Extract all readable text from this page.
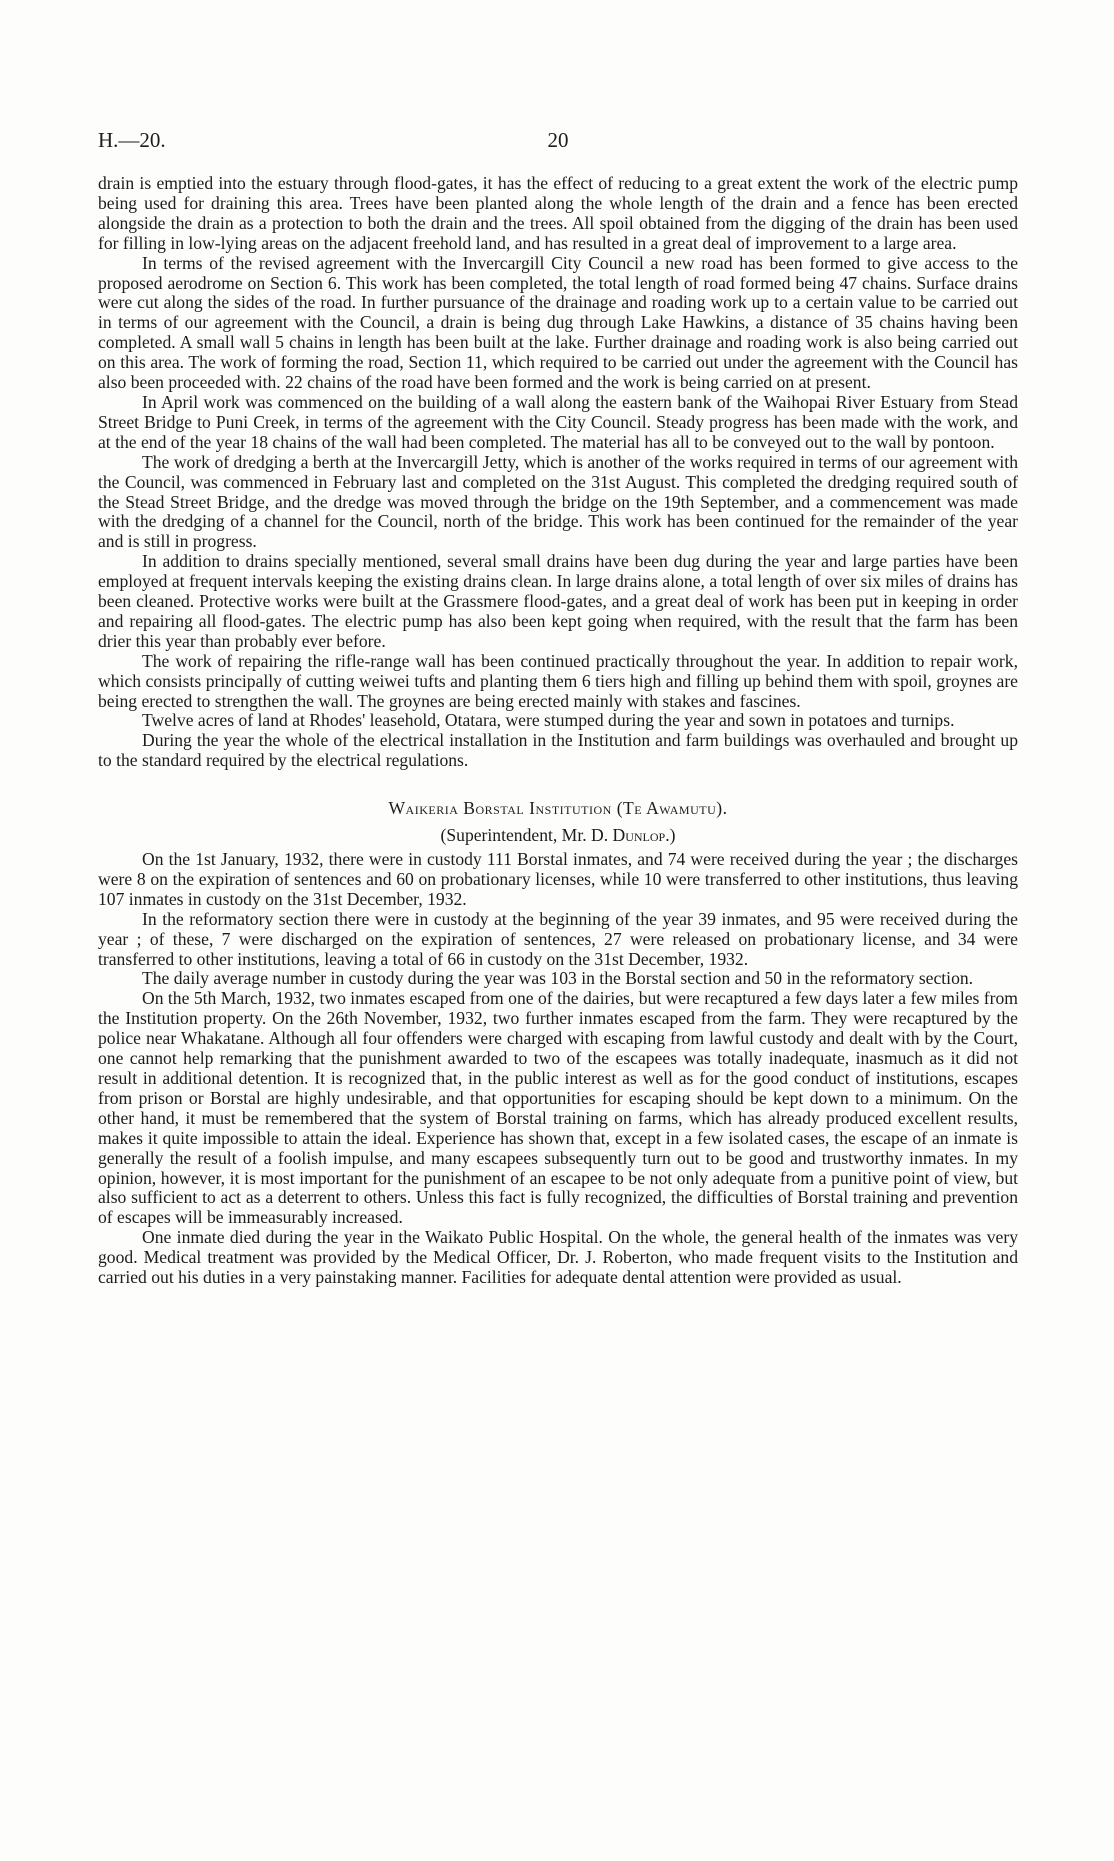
H.—20.	20

drain is emptied into the estuary through flood-gates, it has the effect of reducing to a great extent the work of the electric pump being used for draining this area. Trees have been planted along the whole length of the drain and a fence has been erected alongside the drain as a protection to both the drain and the trees. All spoil obtained from the digging of the drain has been used for filling in low-lying areas on the adjacent freehold land, and has resulted in a great deal of improvement to a large area.

In terms of the revised agreement with the Invercargill City Council a new road has been formed to give access to the proposed aerodrome on Section 6. This work has been completed, the total length of road formed being 47 chains. Surface drains were cut along the sides of the road. In further pursuance of the drainage and roading work up to a certain value to be carried out in terms of our agreement with the Council, a drain is being dug through Lake Hawkins, a distance of 35 chains having been completed. A small wall 5 chains in length has been built at the lake. Further drainage and roading work is also being carried out on this area. The work of forming the road, Section 11, which required to be carried out under the agreement with the Council has also been proceeded with. 22 chains of the road have been formed and the work is being carried on at present.

In April work was commenced on the building of a wall along the eastern bank of the Waihopai River Estuary from Stead Street Bridge to Puni Creek, in terms of the agreement with the City Council. Steady progress has been made with the work, and at the end of the year 18 chains of the wall had been completed. The material has all to be conveyed out to the wall by pontoon.

The work of dredging a berth at the Invercargill Jetty, which is another of the works required in terms of our agreement with the Council, was commenced in February last and completed on the 31st August. This completed the dredging required south of the Stead Street Bridge, and the dredge was moved through the bridge on the 19th September, and a commencement was made with the dredging of a channel for the Council, north of the bridge. This work has been continued for the remainder of the year and is still in progress.

In addition to drains specially mentioned, several small drains have been dug during the year and large parties have been employed at frequent intervals keeping the existing drains clean. In large drains alone, a total length of over six miles of drains has been cleaned. Protective works were built at the Grassmere flood-gates, and a great deal of work has been put in keeping in order and repairing all flood-gates. The electric pump has also been kept going when required, with the result that the farm has been drier this year than probably ever before.

The work of repairing the rifle-range wall has been continued practically throughout the year. In addition to repair work, which consists principally of cutting weiwei tufts and planting them 6 tiers high and filling up behind them with spoil, groynes are being erected to strengthen the wall. The groynes are being erected mainly with stakes and fascines.

Twelve acres of land at Rhodes' leasehold, Otatara, were stumped during the year and sown in potatoes and turnips.

During the year the whole of the electrical installation in the Institution and farm buildings was overhauled and brought up to the standard required by the electrical regulations.

Waikeria Borstal Institution (Te Awamutu).
(Superintendent, Mr. D. Dunlop.)

On the 1st January, 1932, there were in custody 111 Borstal inmates, and 74 were received during the year ; the discharges were 8 on the expiration of sentences and 60 on probationary licenses, while 10 were transferred to other institutions, thus leaving 107 inmates in custody on the 31st December, 1932.

In the reformatory section there were in custody at the beginning of the year 39 inmates, and 95 were received during the year ; of these, 7 were discharged on the expiration of sentences, 27 were released on probationary license, and 34 were transferred to other institutions, leaving a total of 66 in custody on the 31st December, 1932.

The daily average number in custody during the year was 103 in the Borstal section and 50 in the reformatory section.

On the 5th March, 1932, two inmates escaped from one of the dairies, but were recaptured a few days later a few miles from the Institution property. On the 26th November, 1932, two further inmates escaped from the farm. They were recaptured by the police near Whakatane. Although all four offenders were charged with escaping from lawful custody and dealt with by the Court, one cannot help remarking that the punishment awarded to two of the escapees was totally inadequate, inasmuch as it did not result in additional detention. It is recognized that, in the public interest as well as for the good conduct of institutions, escapes from prison or Borstal are highly undesirable, and that opportunities for escaping should be kept down to a minimum. On the other hand, it must be remembered that the system of Borstal training on farms, which has already produced excellent results, makes it quite impossible to attain the ideal. Experience has shown that, except in a few isolated cases, the escape of an inmate is generally the result of a foolish impulse, and many escapees subsequently turn out to be good and trustworthy inmates. In my opinion, however, it is most important for the punishment of an escapee to be not only adequate from a punitive point of view, but also sufficient to act as a deterrent to others. Unless this fact is fully recognized, the difficulties of Borstal training and prevention of escapes will be immeasurably increased.

One inmate died during the year in the Waikato Public Hospital. On the whole, the general health of the inmates was very good. Medical treatment was provided by the Medical Officer, Dr. J. Roberton, who made frequent visits to the Institution and carried out his duties in a very painstaking manner. Facilities for adequate dental attention were provided as usual.
